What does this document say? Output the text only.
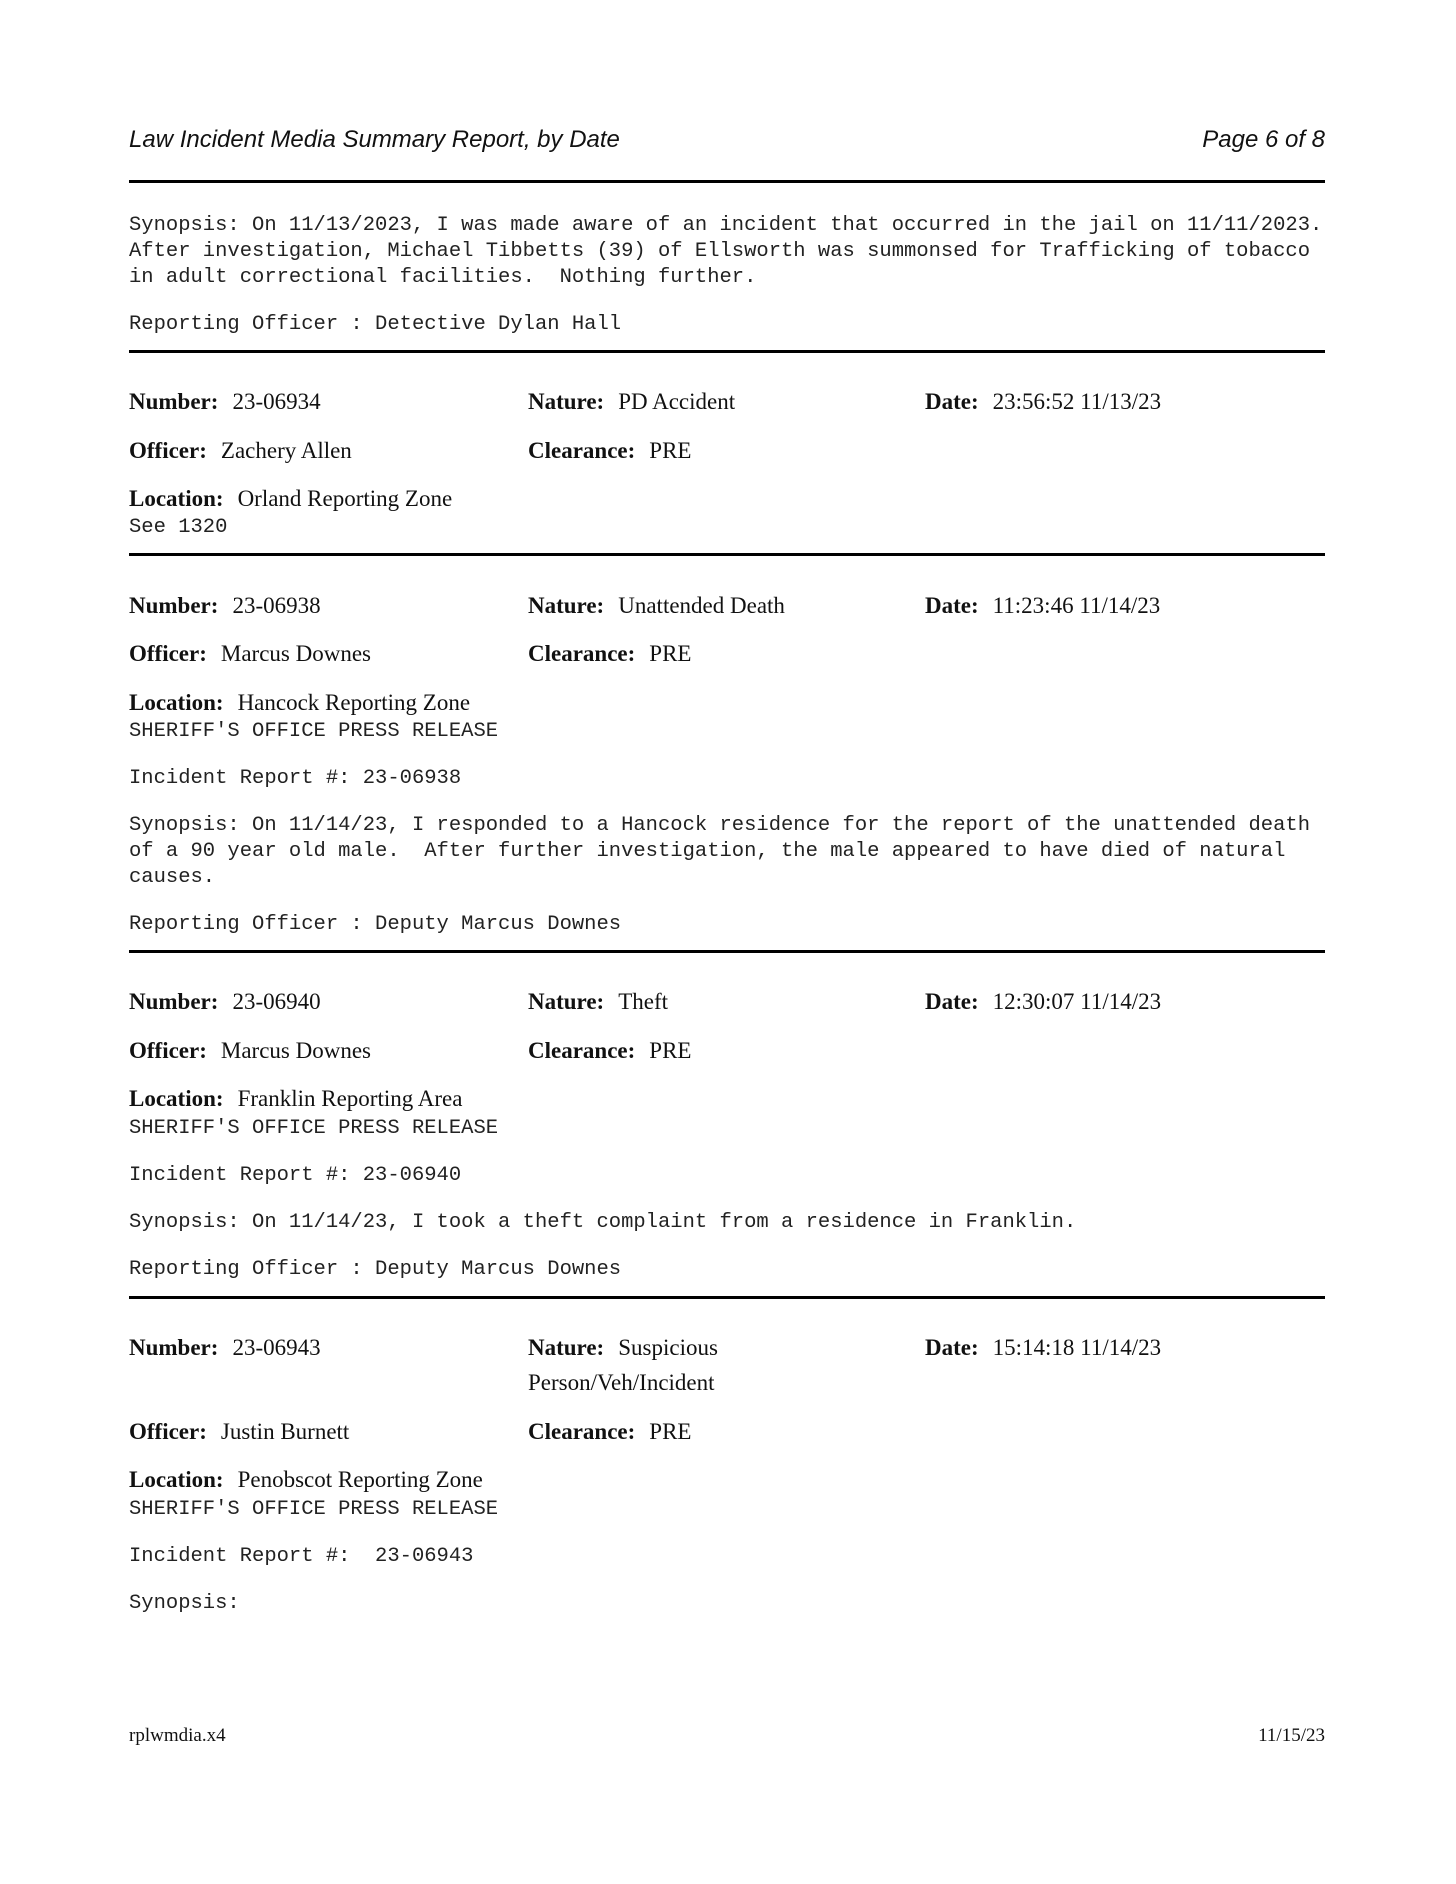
Law Incident Media Summary Report, by Date	Page 6 of 8
Synopsis: On 11/13/2023, I was made aware of an incident that occurred in the jail on 11/11/2023.  After investigation, Michael Tibbetts (39) of Ellsworth was summonsed for Trafficking of tobacco in adult correctional facilities.  Nothing further.
Reporting Officer : Detective Dylan Hall
Number: 23-06934	Nature: PD Accident	Date: 23:56:52 11/13/23
Officer: Zachery Allen	Clearance: PRE
Location: Orland Reporting Zone
See 1320
Number: 23-06938	Nature: Unattended Death	Date: 11:23:46 11/14/23
Officer: Marcus Downes	Clearance: PRE
Location: Hancock Reporting Zone
SHERIFF'S OFFICE PRESS RELEASE
Incident Report #: 23-06938
Synopsis: On 11/14/23, I responded to a Hancock residence for the report of the unattended death of a 90 year old male.  After further investigation, the male appeared to have died of natural causes.
Reporting Officer : Deputy Marcus Downes
Number: 23-06940	Nature: Theft	Date: 12:30:07 11/14/23
Officer: Marcus Downes	Clearance: PRE
Location: Franklin Reporting Area
SHERIFF'S OFFICE PRESS RELEASE
Incident Report #: 23-06940
Synopsis: On 11/14/23, I took a theft complaint from a residence in Franklin.
Reporting Officer : Deputy Marcus Downes
Number: 23-06943	Nature: Suspicious Person/Veh/Incident
Date: 15:14:18 11/14/23
Officer: Justin Burnett	Clearance: PRE
Location: Penobscot Reporting Zone
SHERIFF'S OFFICE PRESS RELEASE
Incident Report #:  23-06943
Synopsis:
rplwmdia.x4	11/15/23
